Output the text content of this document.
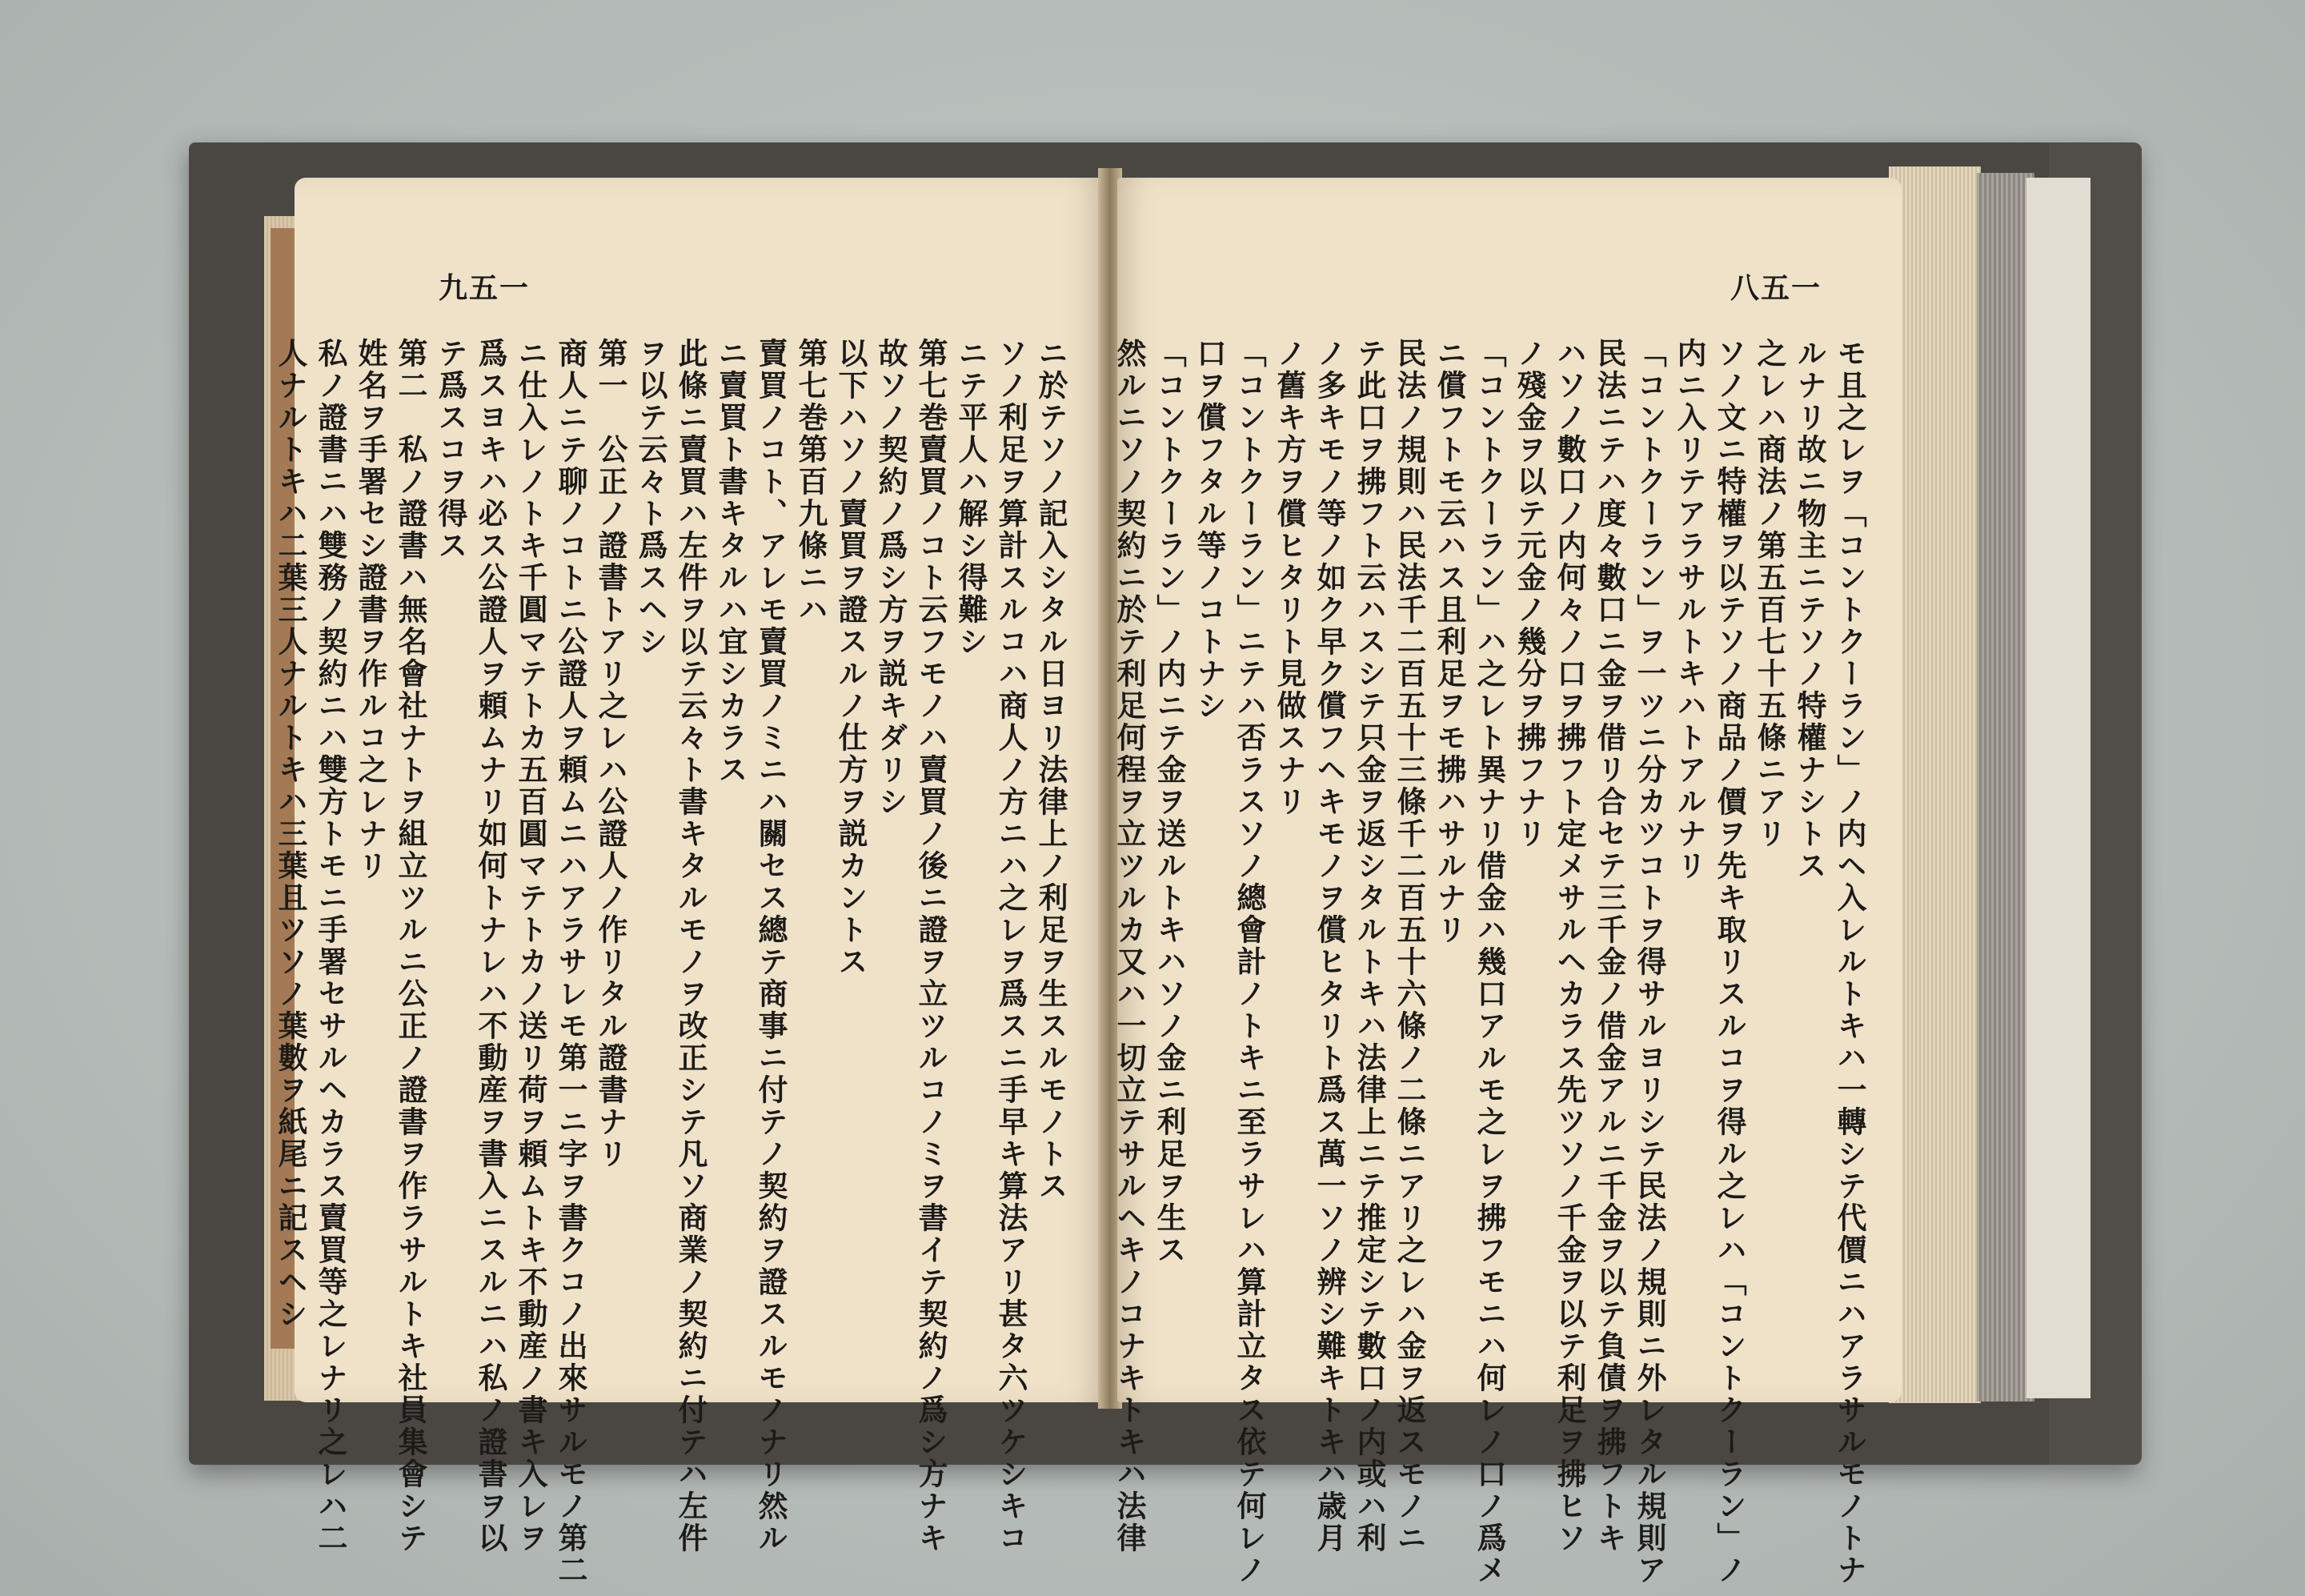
九五一
ニ於テソノ記入シタル日ヨリ法律上ノ利足ヲ生スルモノトス
ソノ利足ヲ算計スルコハ商人ノ方ニハ之レヲ爲スニ手早キ算法アリ甚タ六ツケシキコ
ニテ平人ハ解シ得難シ
第七巻賣買ノコト云フモノハ賣買ノ後ニ證ヲ立ツルコノミヲ書イテ契約ノ爲シ方ナキ
故ソノ契約ノ爲シ方ヲ説キダリシ
以下ハソノ賣買ヲ證スルノ仕方ヲ説カントス
第七巻第百九條ニハ
賣買ノコト、アレモ賣買ノミニハ關セス總テ商事ニ付テノ契約ヲ證スルモノナリ然ル
ニ賣買ト書キタルハ宜シカラス
此條ニ賣買ハ左件ヲ以テ云々ト書キタルモノヲ改正シテ凡ソ商業ノ契約ニ付テハ左件
ヲ以テ云々ト爲スヘシ
第一　公正ノ證書トアリ之レハ公證人ノ作リタル證書ナリ
商人ニテ聊ノコトニ公證人ヲ頼ムニハアラサレモ第一ニ字ヲ書クコノ出來サルモノ第二
ニ仕入レノトキ千圓マテトカ五百圓マテトカノ送リ荷ヲ頼ムトキ不動産ノ書キ入レヲ
爲スヨキハ必ス公證人ヲ頼ムナリ如何トナレハ不動産ヲ書入ニスルニハ私ノ證書ヲ以
テ爲スコヲ得ス
第二　私ノ證書ハ無名會社ナトヲ組立ツルニ公正ノ證書ヲ作ラサルトキ社員集會シテ
姓名ヲ手署セシ證書ヲ作ルコ之レナリ
私ノ證書ニハ雙務ノ契約ニハ雙方トモニ手署セサルヘカラス賣買等之レナリ之レハ二
人ナルトキハ二葉三人ナルトキハ三葉且ツソノ葉數ヲ紙尾ニ記スヘシ
八五一
モ且之レヲ「コントクーラン」ノ内ヘ入レルトキハ一轉シテ代價ニハアラサルモノトナ
ルナリ故ニ物主ニテソノ特權ナシトス
之レハ商法ノ第五百七十五條ニアリ
ソノ文ニ特權ヲ以テソノ商品ノ價ヲ先キ取リスルコヲ得ル之レハ「コントクーラン」ノ
内ニ入リテアラサルトキハトアルナリ
「コントクーラン」ヲ一ツニ分カツコトヲ得サルヨリシテ民法ノ規則ニ外レタル規則ア
民法ニテハ度々數口ニ金ヲ借リ合セテ三千金ノ借金アルニ千金ヲ以テ負債ヲ拂フトキ
ハソノ數口ノ内何々ノ口ヲ拂フト定メサルヘカラス先ツソノ千金ヲ以テ利足ヲ拂ヒソ
ノ殘金ヲ以テ元金ノ幾分ヲ拂フナリ
「コントクーラン」ハ之レト異ナリ借金ハ幾口アルモ之レヲ拂フモニハ何レノ口ノ爲メ
ニ償フトモ云ハス且利足ヲモ拂ハサルナリ
民法ノ規則ハ民法千二百五十三條千二百五十六條ノ二條ニアリ之レハ金ヲ返スモノニ
テ此口ヲ拂フト云ハスシテ只金ヲ返シタルトキハ法律上ニテ推定シテ數口ノ内或ハ利
ノ多キモノ等ノ如ク早ク償フヘキモノヲ償ヒタリト爲ス萬一ソノ辨シ難キトキハ歳月
ノ舊キ方ヲ償ヒタリト見做スナリ
「コントクーラン」ニテハ否ラスソノ總會計ノトキニ至ラサレハ算計立タス依テ何レノ
口ヲ償フタル等ノコトナシ
「コントクーラン」ノ内ニテ金ヲ送ルトキハソノ金ニ利足ヲ生ス
然ルニソノ契約ニ於テ利足何程ヲ立ツルカ又ハ一切立テサルヘキノコナキトキハ法律
